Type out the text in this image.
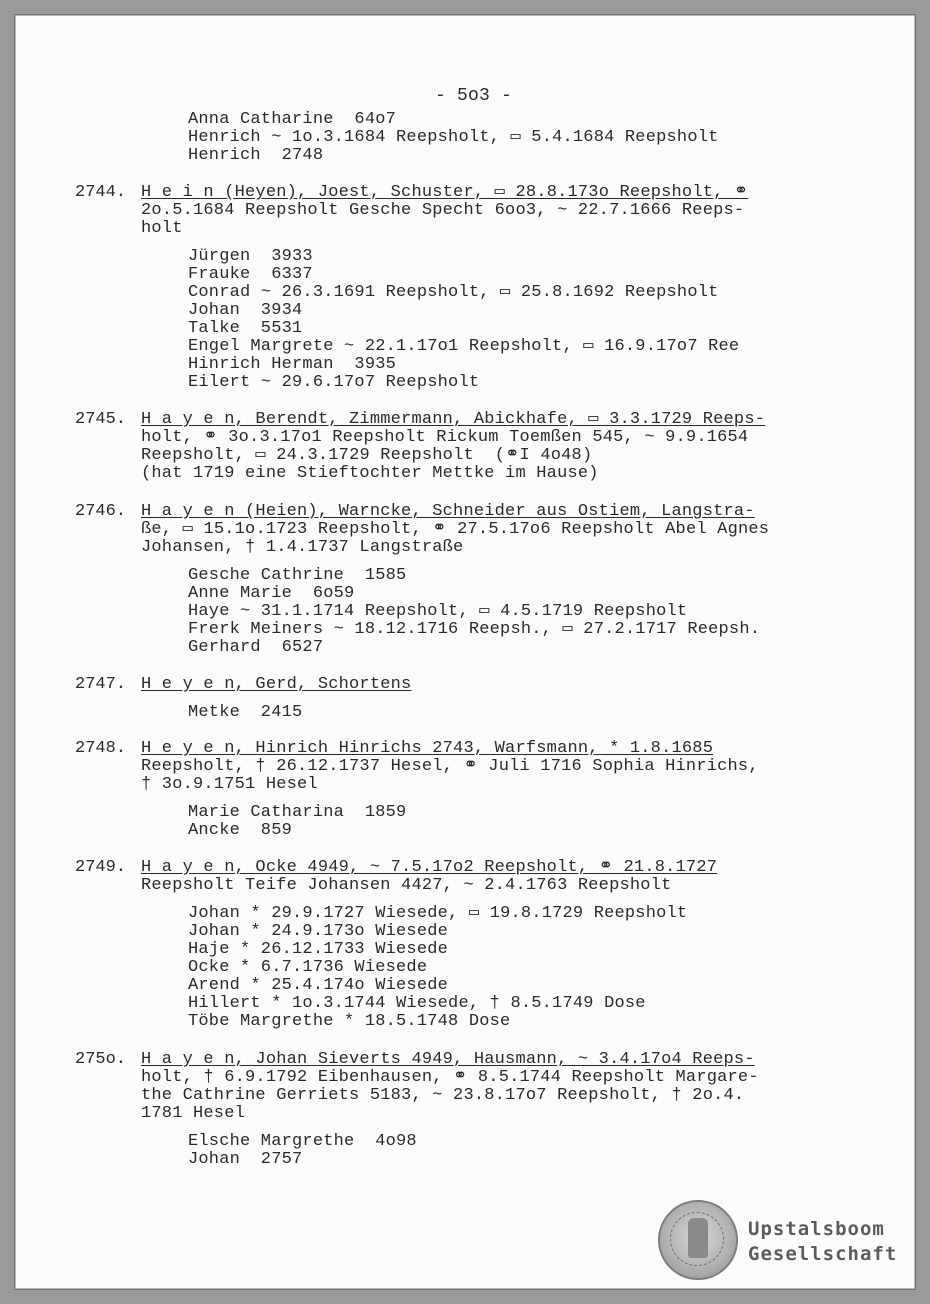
- 5o3 -
Anna Catharine  64o7
Henrich ~ 1o.3.1684 Reepsholt, ▭ 5.4.1684 Reepsholt
Henrich  2748
2744. H e i n (Heyen), Joest, Schuster, ▭ 28.8.173o Reepsholt, ⚭
2o.5.1684 Reepsholt Gesche Specht 6oo3, ~ 22.7.1666 Reeps-
holt
Jürgen  3933
Frauke  6337
Conrad ~ 26.3.1691 Reepsholt, ▭ 25.8.1692 Reepsholt
Johan  3934
Talke  5531
Engel Margrete ~ 22.1.17o1 Reepsholt, ▭ 16.9.17o7 Ree
Hinrich Herman  3935
Eilert ~ 29.6.17o7 Reepsholt
2745. H a y e n, Berendt, Zimmermann, Abickhafe, ▭ 3.3.1729 Reeps-
holt, ⚭ 3o.3.17o1 Reepsholt Rickum Toemßen 545, ~ 9.9.1654
Reepsholt, ▭ 24.3.1729 Reepsholt  (⚭I 4o48)
(hat 1719 eine Stieftochter Mettke im Hause)
2746. H a y e n (Heien), Warncke, Schneider aus Ostiem, Langstra-
ße, ▭ 15.1o.1723 Reepsholt, ⚭ 27.5.17o6 Reepsholt Abel Agnes
Johansen, † 1.4.1737 Langstraße
Gesche Cathrine  1585
Anne Marie  6o59
Haye ~ 31.1.1714 Reepsholt, ▭ 4.5.1719 Reepsholt
Frerk Meiners ~ 18.12.1716 Reepsh., ▭ 27.2.1717 Reepsh.
Gerhard  6527
2747. H e y e n, Gerd, Schortens
Metke  2415
2748. H e y e n, Hinrich Hinrichs 2743, Warfsmann, * 1.8.1685
Reepsholt, † 26.12.1737 Hesel, ⚭ Juli 1716 Sophia Hinrichs,
† 3o.9.1751 Hesel
Marie Catharina  1859
Ancke  859
2749. H a y e n, Ocke 4949, ~ 7.5.17o2 Reepsholt, ⚭ 21.8.1727
Reepsholt Teife Johansen 4427, ~ 2.4.1763 Reepsholt
Johan * 29.9.1727 Wiesede, ▭ 19.8.1729 Reepsholt
Johan * 24.9.173o Wiesede
Haje * 26.12.1733 Wiesede
Ocke * 6.7.1736 Wiesede
Arend * 25.4.174o Wiesede
Hillert * 1o.3.1744 Wiesede, † 8.5.1749 Dose
Töbe Margrethe * 18.5.1748 Dose
275o. H a y e n, Johan Sieverts 4949, Hausmann, ~ 3.4.17o4 Reeps-
holt, † 6.9.1792 Eibenhausen, ⚭ 8.5.1744 Reepsholt Margare-
the Cathrine Gerriets 5183, ~ 23.8.17o7 Reepsholt, † 2o.4.
1781 Hesel
Elsche Margrethe  4o98
Johan  2757
Upstalsboom
Gesellschaft
